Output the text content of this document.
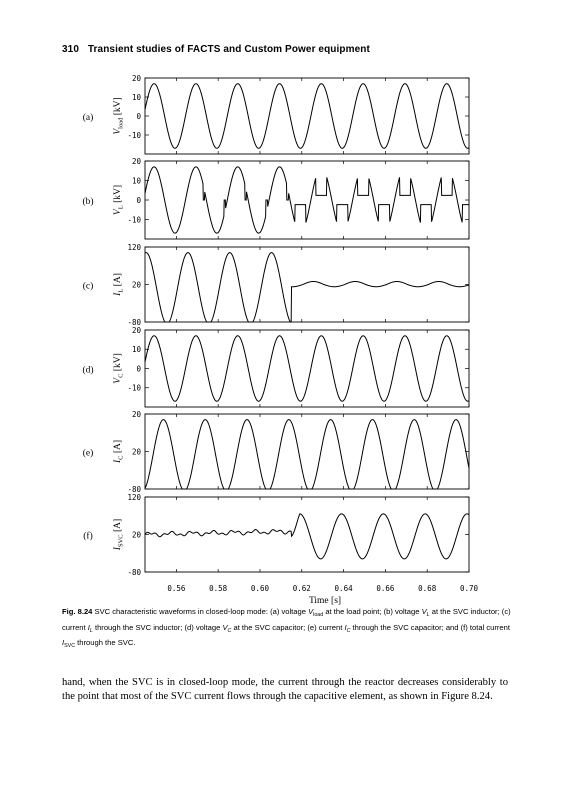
310 Transient studies of FACTS and Custom Power equipment
20
10
0
-10
(a)
$V_{load}$ [kV]
20
10
0
-10
(b)
$V_L$ [kV]
120
20
-80
(c)
$I_L$ [A]
20
10
0
-10
(d)
$V_C$ [kV]
20
20
-80
(e)
$I_C$ [A]
120
20
-80
(f)
$I_{SVC}$ [A]
0.56	0.58	0.60	0.62	0.64	0.66	0.68	0.70
Time [s]
Fig. 8.24 SVC characteristic waveforms in closed-loop mode: (a) voltage $V_{load}$ at the load point; (b) voltage $V_L$ at the SVC inductor; (c) current $I_L$ through the SVC inductor; (d) voltage $V_C$ at the SVC capacitor; (e) current $I_C$ through the SVC capacitor; and (f) total current $I_{SVC}$ through the SVC.

hand, when the SVC is in closed-loop mode, the current through the reactor decreases considerably to the point that most of the SVC current flows through the capacitive element, as shown in Figure 8.24.
